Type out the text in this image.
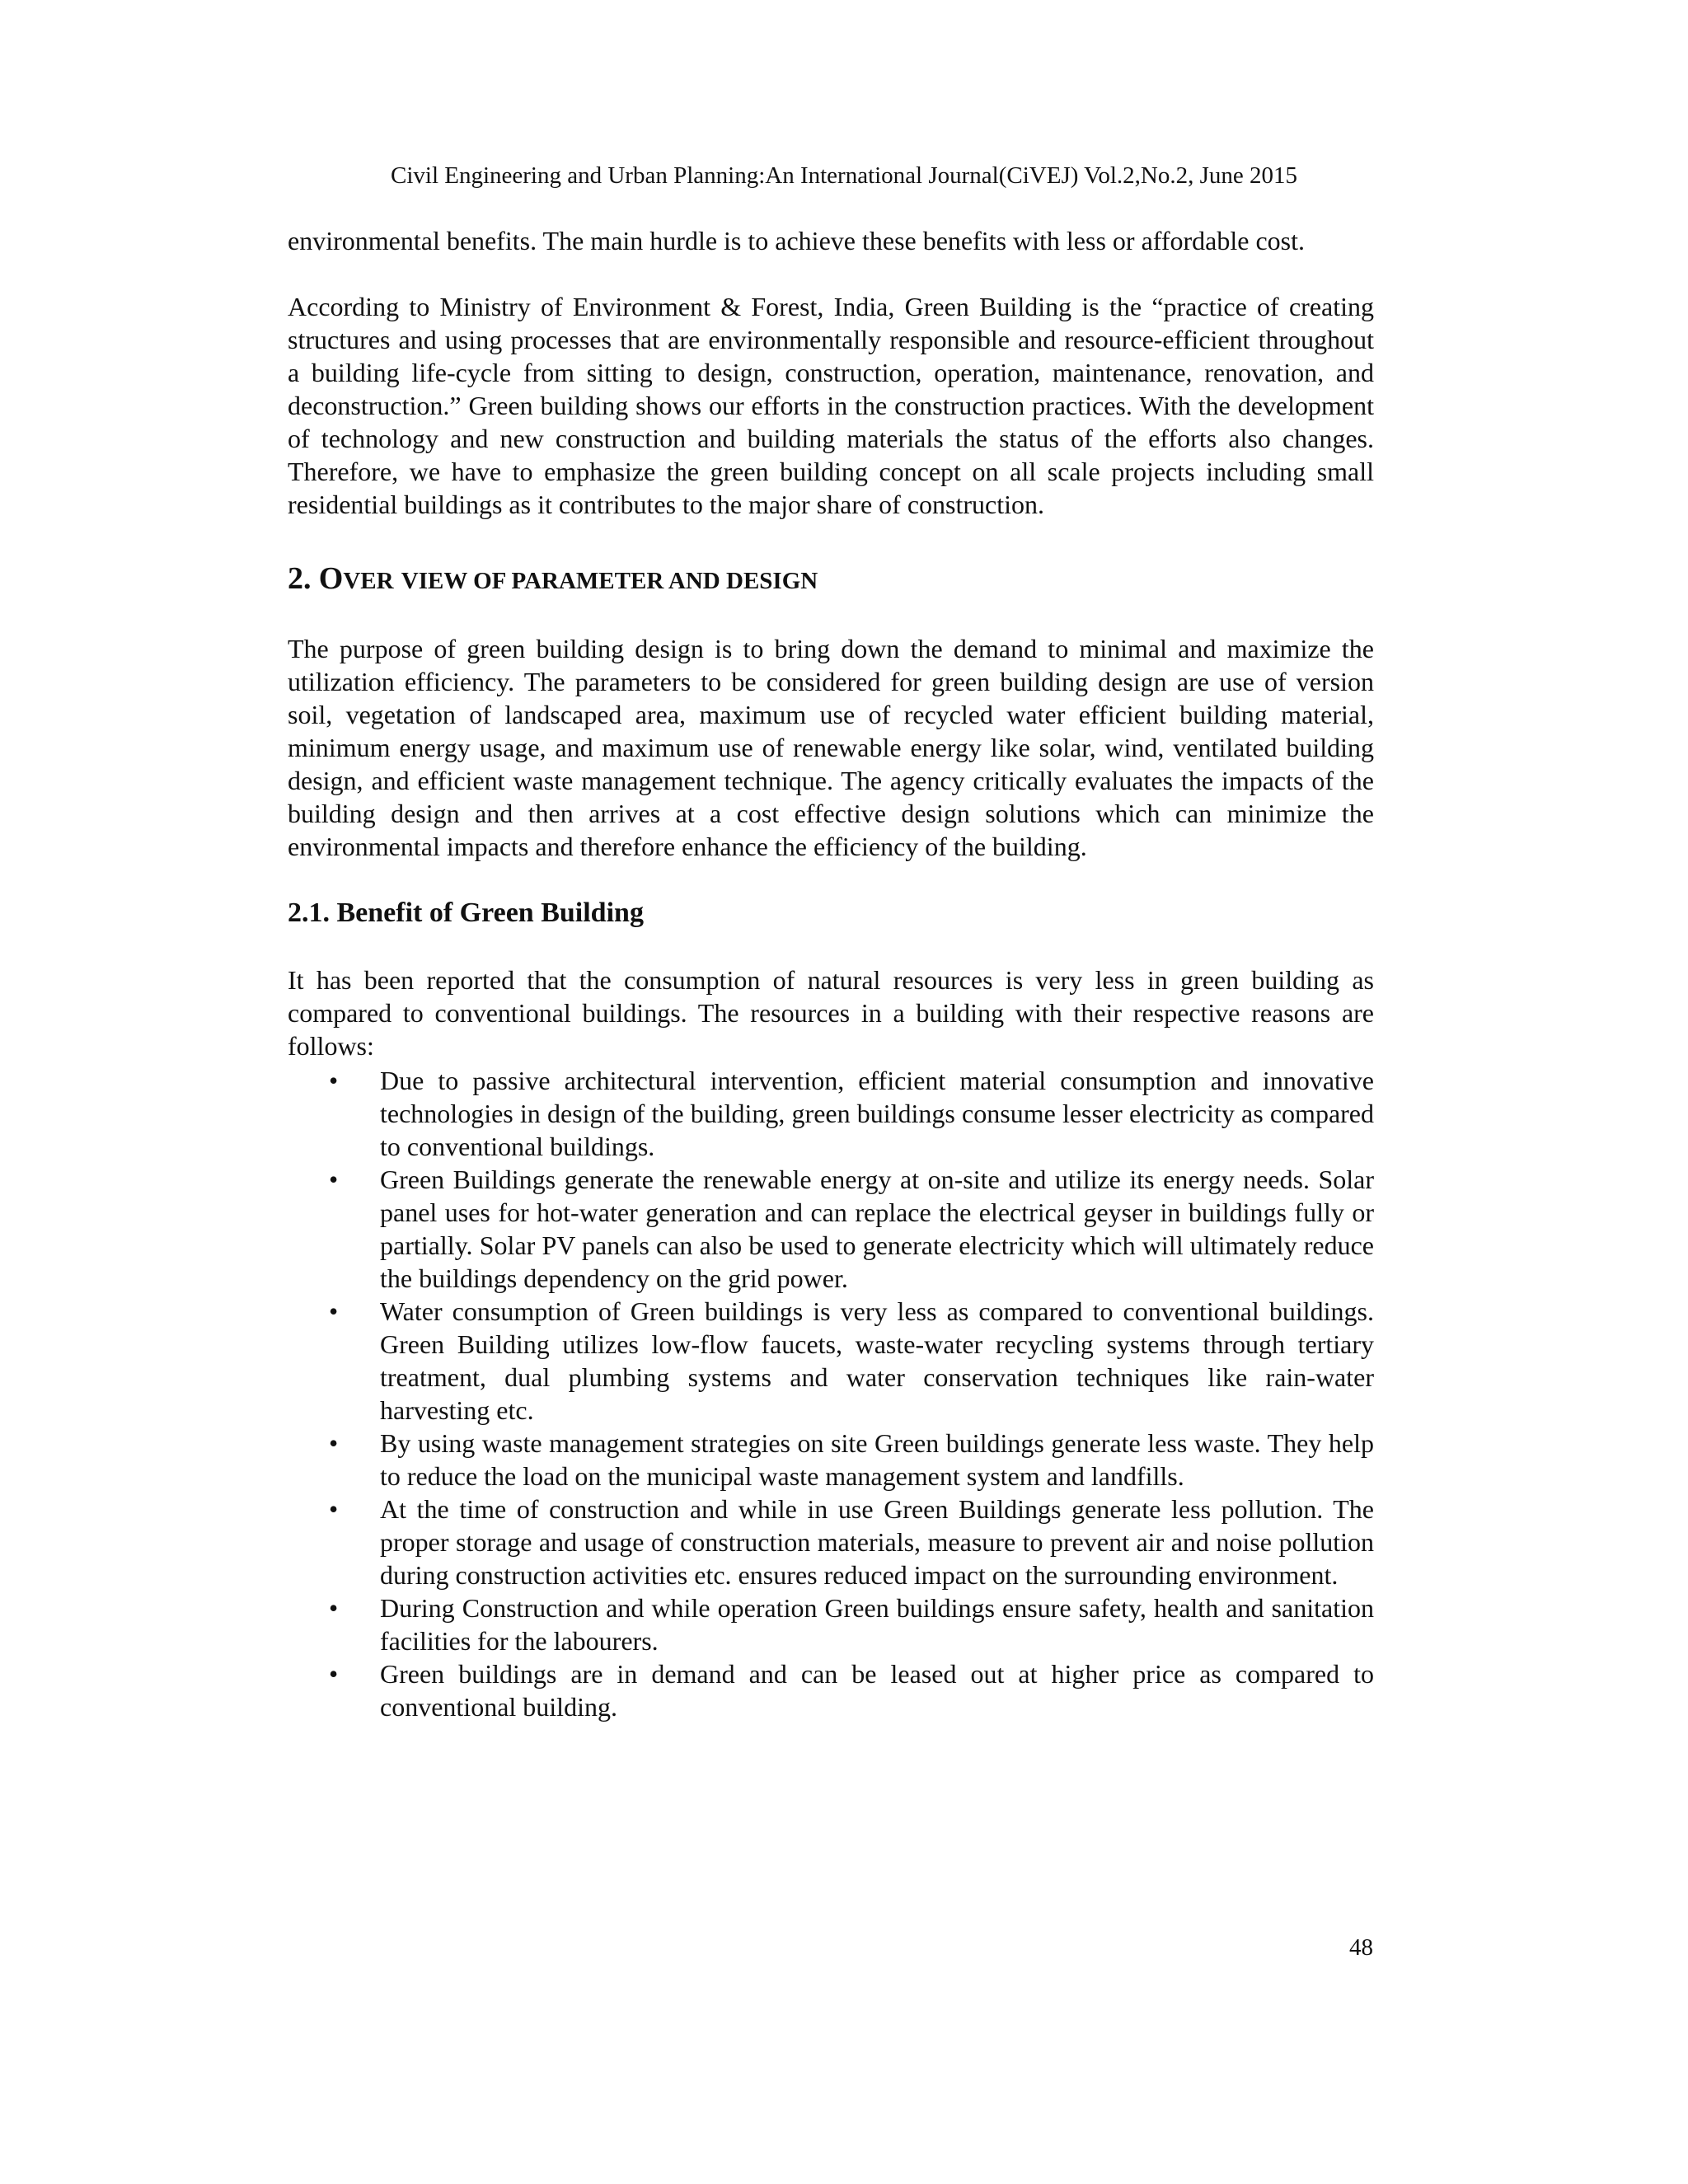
Civil Engineering and Urban Planning:An International Journal(CiVEJ) Vol.2,No.2, June 2015

environmental benefits. The main hurdle is to achieve these benefits with less or affordable cost.

According to Ministry of Environment & Forest, India, Green Building is the “practice of creating structures and using processes that are environmentally responsible and resource-efficient throughout a building life-cycle from sitting to design, construction, operation, maintenance, renovation, and deconstruction.” Green building shows our efforts in the construction practices. With the development of technology and new construction and building materials the status of the efforts also changes. Therefore, we have to emphasize the green building concept on all scale projects including small residential buildings as it contributes to the major share of construction.

2. OVER VIEW OF PARAMETER AND DESIGN

The purpose of green building design is to bring down the demand to minimal and maximize the utilization efficiency. The parameters to be considered for green building design are use of version soil, vegetation of landscaped area, maximum use of recycled water efficient building material, minimum energy usage, and maximum use of renewable energy like solar, wind, ventilated building design, and efficient waste management technique. The agency critically evaluates the impacts of the building design and then arrives at a cost effective design solutions which can minimize the environmental impacts and therefore enhance the efficiency of the building.

2.1. Benefit of Green Building

It has been reported that the consumption of natural resources is very less in green building as compared to conventional buildings. The resources in a building with their respective reasons are follows:

• Due to passive architectural intervention, efficient material consumption and innovative technologies in design of the building, green buildings consume lesser electricity as compared to conventional buildings.
• Green Buildings generate the renewable energy at on-site and utilize its energy needs. Solar panel uses for hot-water generation and can replace the electrical geyser in buildings fully or partially. Solar PV panels can also be used to generate electricity which will ultimately reduce the buildings dependency on the grid power.
• Water consumption of Green buildings is very less as compared to conventional buildings. Green Building utilizes low-flow faucets, waste-water recycling systems through tertiary treatment, dual plumbing systems and water conservation techniques like rain-water harvesting etc.
• By using waste management strategies on site Green buildings generate less waste. They help to reduce the load on the municipal waste management system and landfills.
• At the time of construction and while in use Green Buildings generate less pollution. The proper storage and usage of construction materials, measure to prevent air and noise pollution during construction activities etc. ensures reduced impact on the surrounding environment.
• During Construction and while operation Green buildings ensure safety, health and sanitation facilities for the labourers.
• Green buildings are in demand and can be leased out at higher price as compared to conventional building.
48
